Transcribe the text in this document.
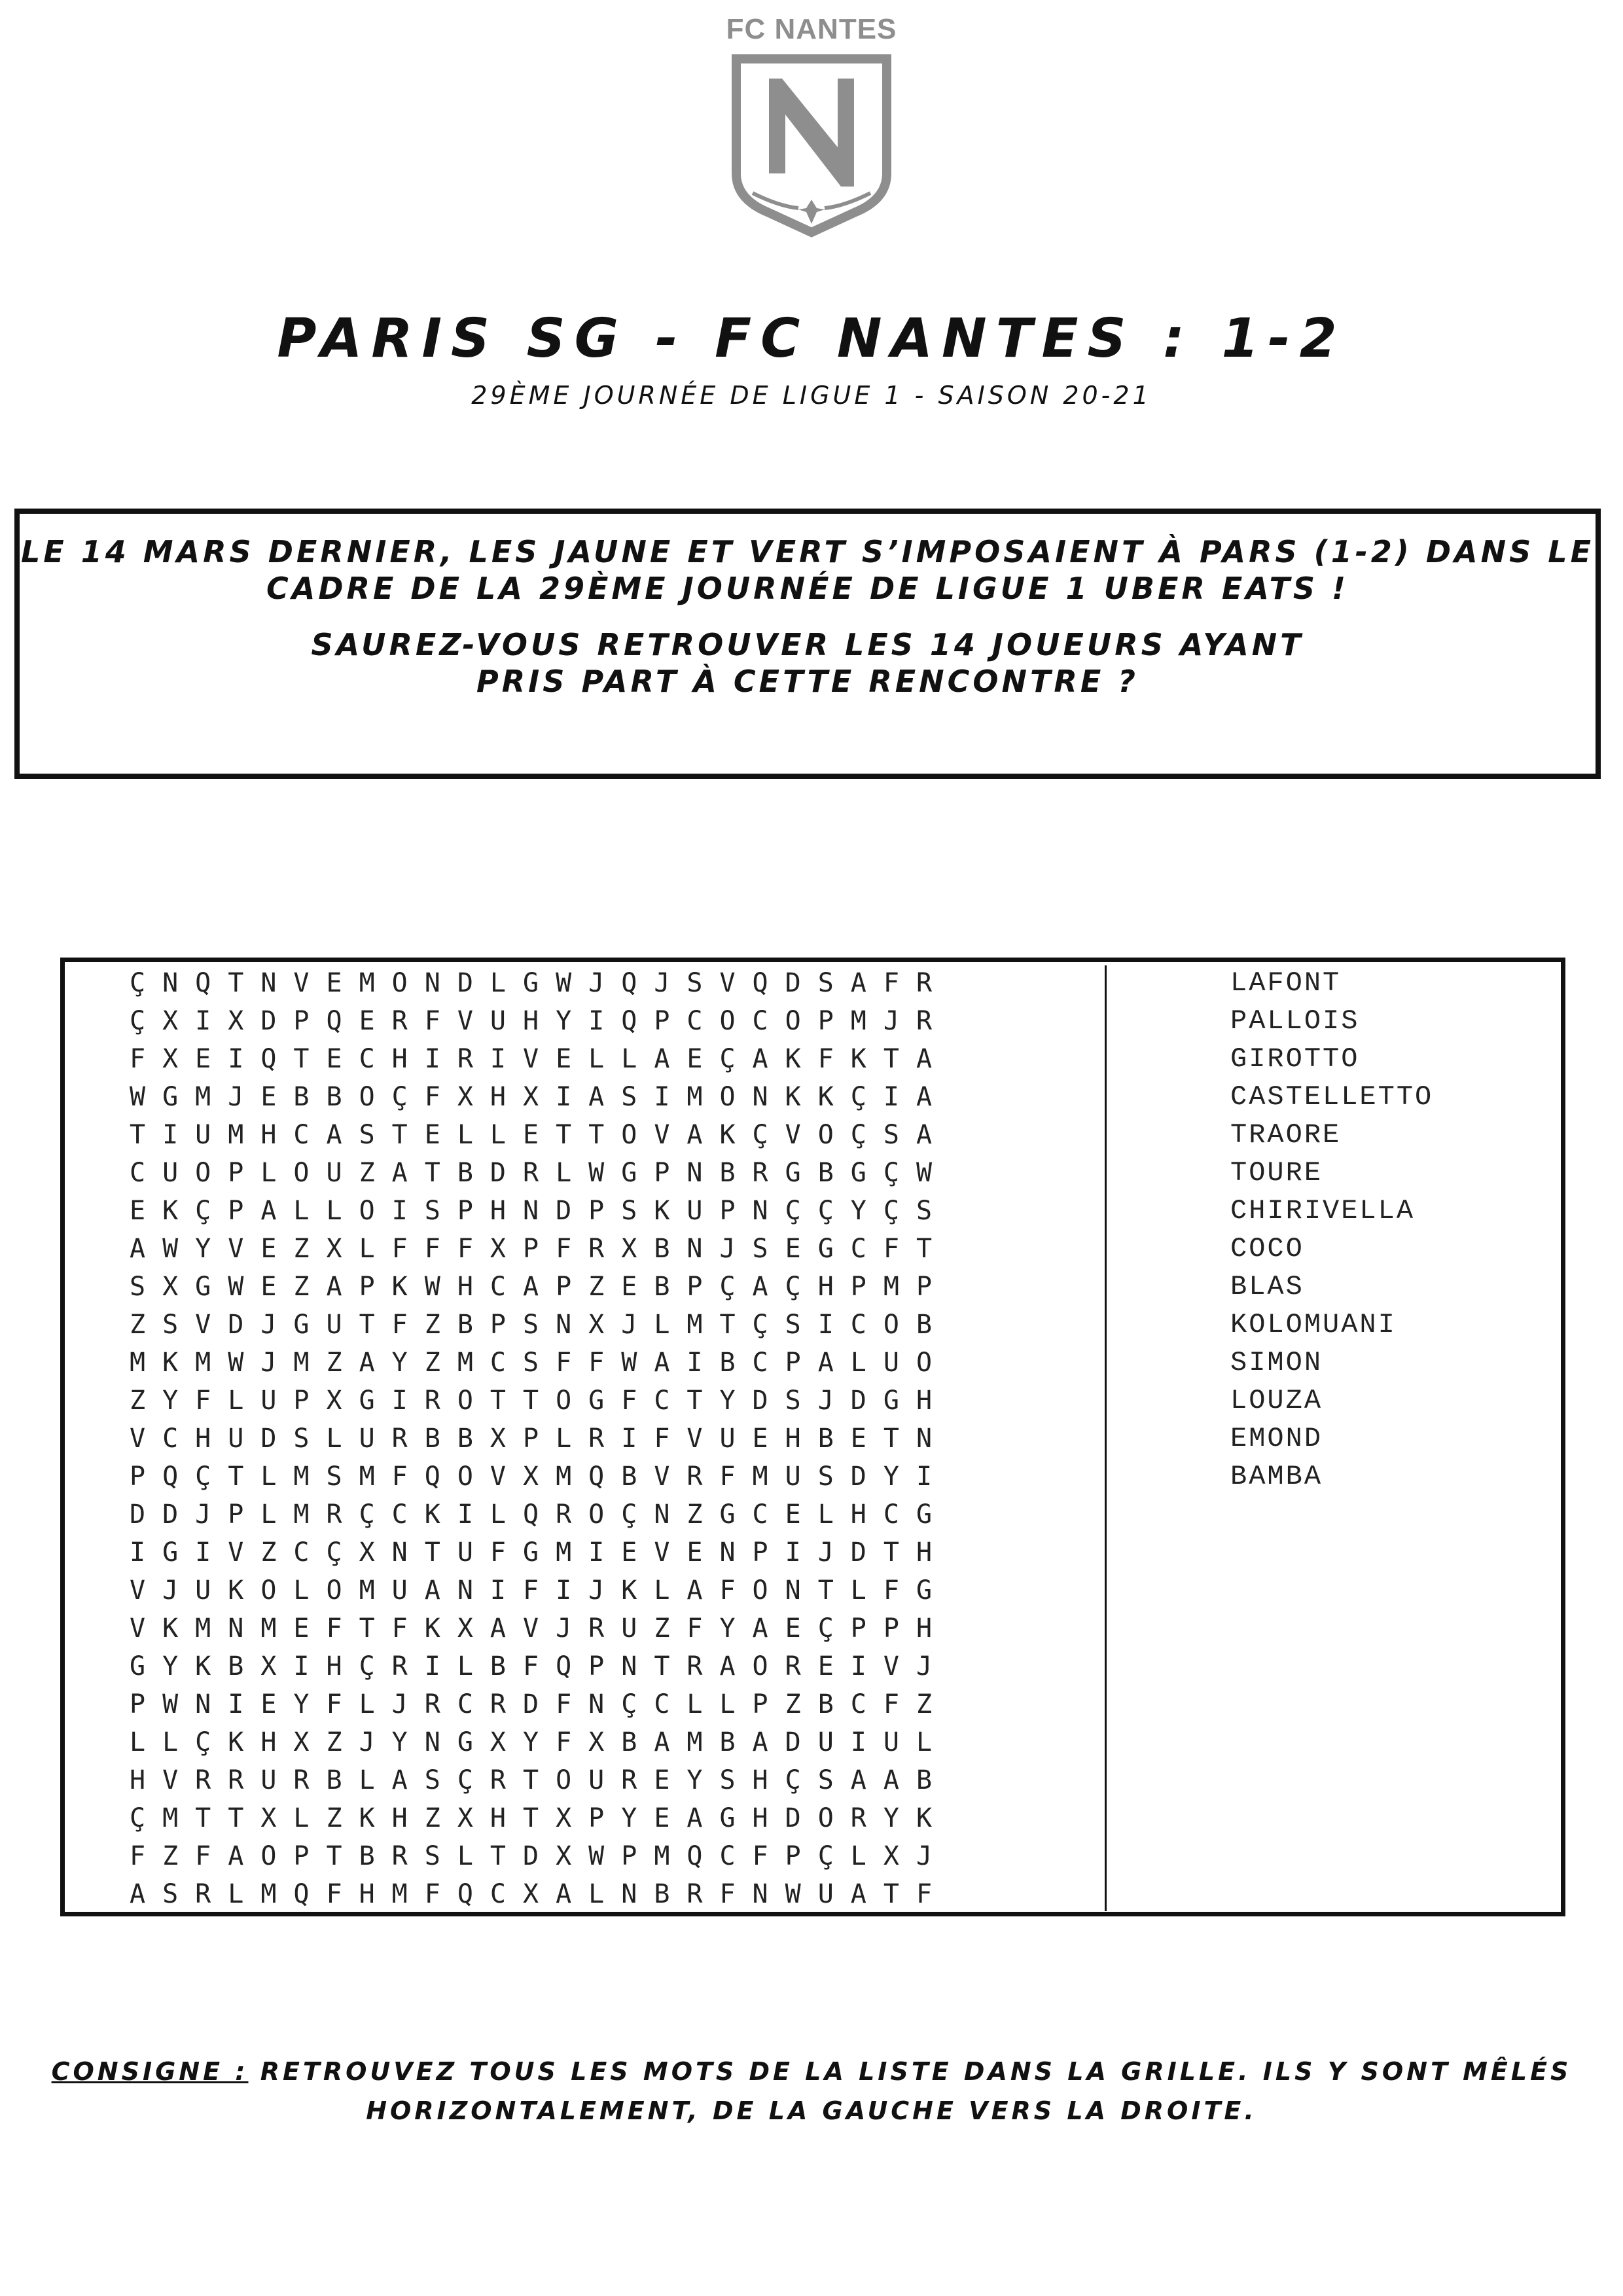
FC NANTES
PARIS SG - FC NANTES : 1-2
29ÈME JOURNÉE DE LIGUE 1 - SAISON 20-21
LE 14 MARS DERNIER, LES JAUNE ET VERT S’IMPOSAIENT À PARS (1-2) DANS LE
CADRE DE LA 29ÈME JOURNÉE DE LIGUE 1 UBER EATS !
SAUREZ-VOUS RETROUVER LES 14 JOUEURS AYANT
PRIS PART À CETTE RENCONTRE ?
ÇNQTNVEMONDLGWJQJSVQDSAFR
ÇXIXDPQERFVUHYIQPCOCOPMJR
FXEIQTECHIRIVELLAEÇAKFKTA
WGMJEBBOÇFXHXIASIMONKKÇIA
TIUMHCASTELLETTOVAKÇVOÇSA
CUOPLOUZATBDRLWGPNBRGBGÇW
EKÇPALLOISPHNDPSKUPNÇÇYÇS
AWYVEZXLFFFXPFRXBNJSEGCFT
SXGWEZAPKWHCAPZEBPÇAÇHPMP
ZSVDJGUTFZBPSNXJLMTÇSICOB
MKMWJMZAYZMCSFFWAIBCPALUO
ZYFLUPXGIROTTOGFCTYDSJDGH
VCHUDSLURBBXPLRIFVUEHBETN
PQÇTLMSMFQOVXMQBVRFMUSDYI
DDJPLMRÇCKILQROÇNZGCELHCG
IGIVZCÇXNTUFGMIEVENPIJDTH
VJUKOLOMUANIFIJKLAFONTLFG
VKMNMEFTFKXAVJRUZFYAEÇPPH
GYKBXIHÇRILBFQPNTRAOREIVJ
PWNIEYFLJRCRDFNÇCLLPZBCFZ
LLÇKHXZJYNGXYFXBAMBADUIUL
HVRRURBLASÇRTOUREYSHÇSAAB
ÇMTTXLZKHZXHTXPYEAGHDORYK
FZFAOPTBRSLTDXWPMQCFPÇLXJ
ASRLMQFHMFQCXALNBRFNWUATF
LAFONT
PALLOIS
GIROTTO
CASTELLETTO
TRAORE
TOURE
CHIRIVELLA
COCO
BLAS
KOLOMUANI
SIMON
LOUZA
EMOND
BAMBA
CONSIGNE : RETROUVEZ TOUS LES MOTS DE LA LISTE DANS LA GRILLE. ILS Y SONT MÊLÉS
HORIZONTALEMENT, DE LA GAUCHE VERS LA DROITE.
